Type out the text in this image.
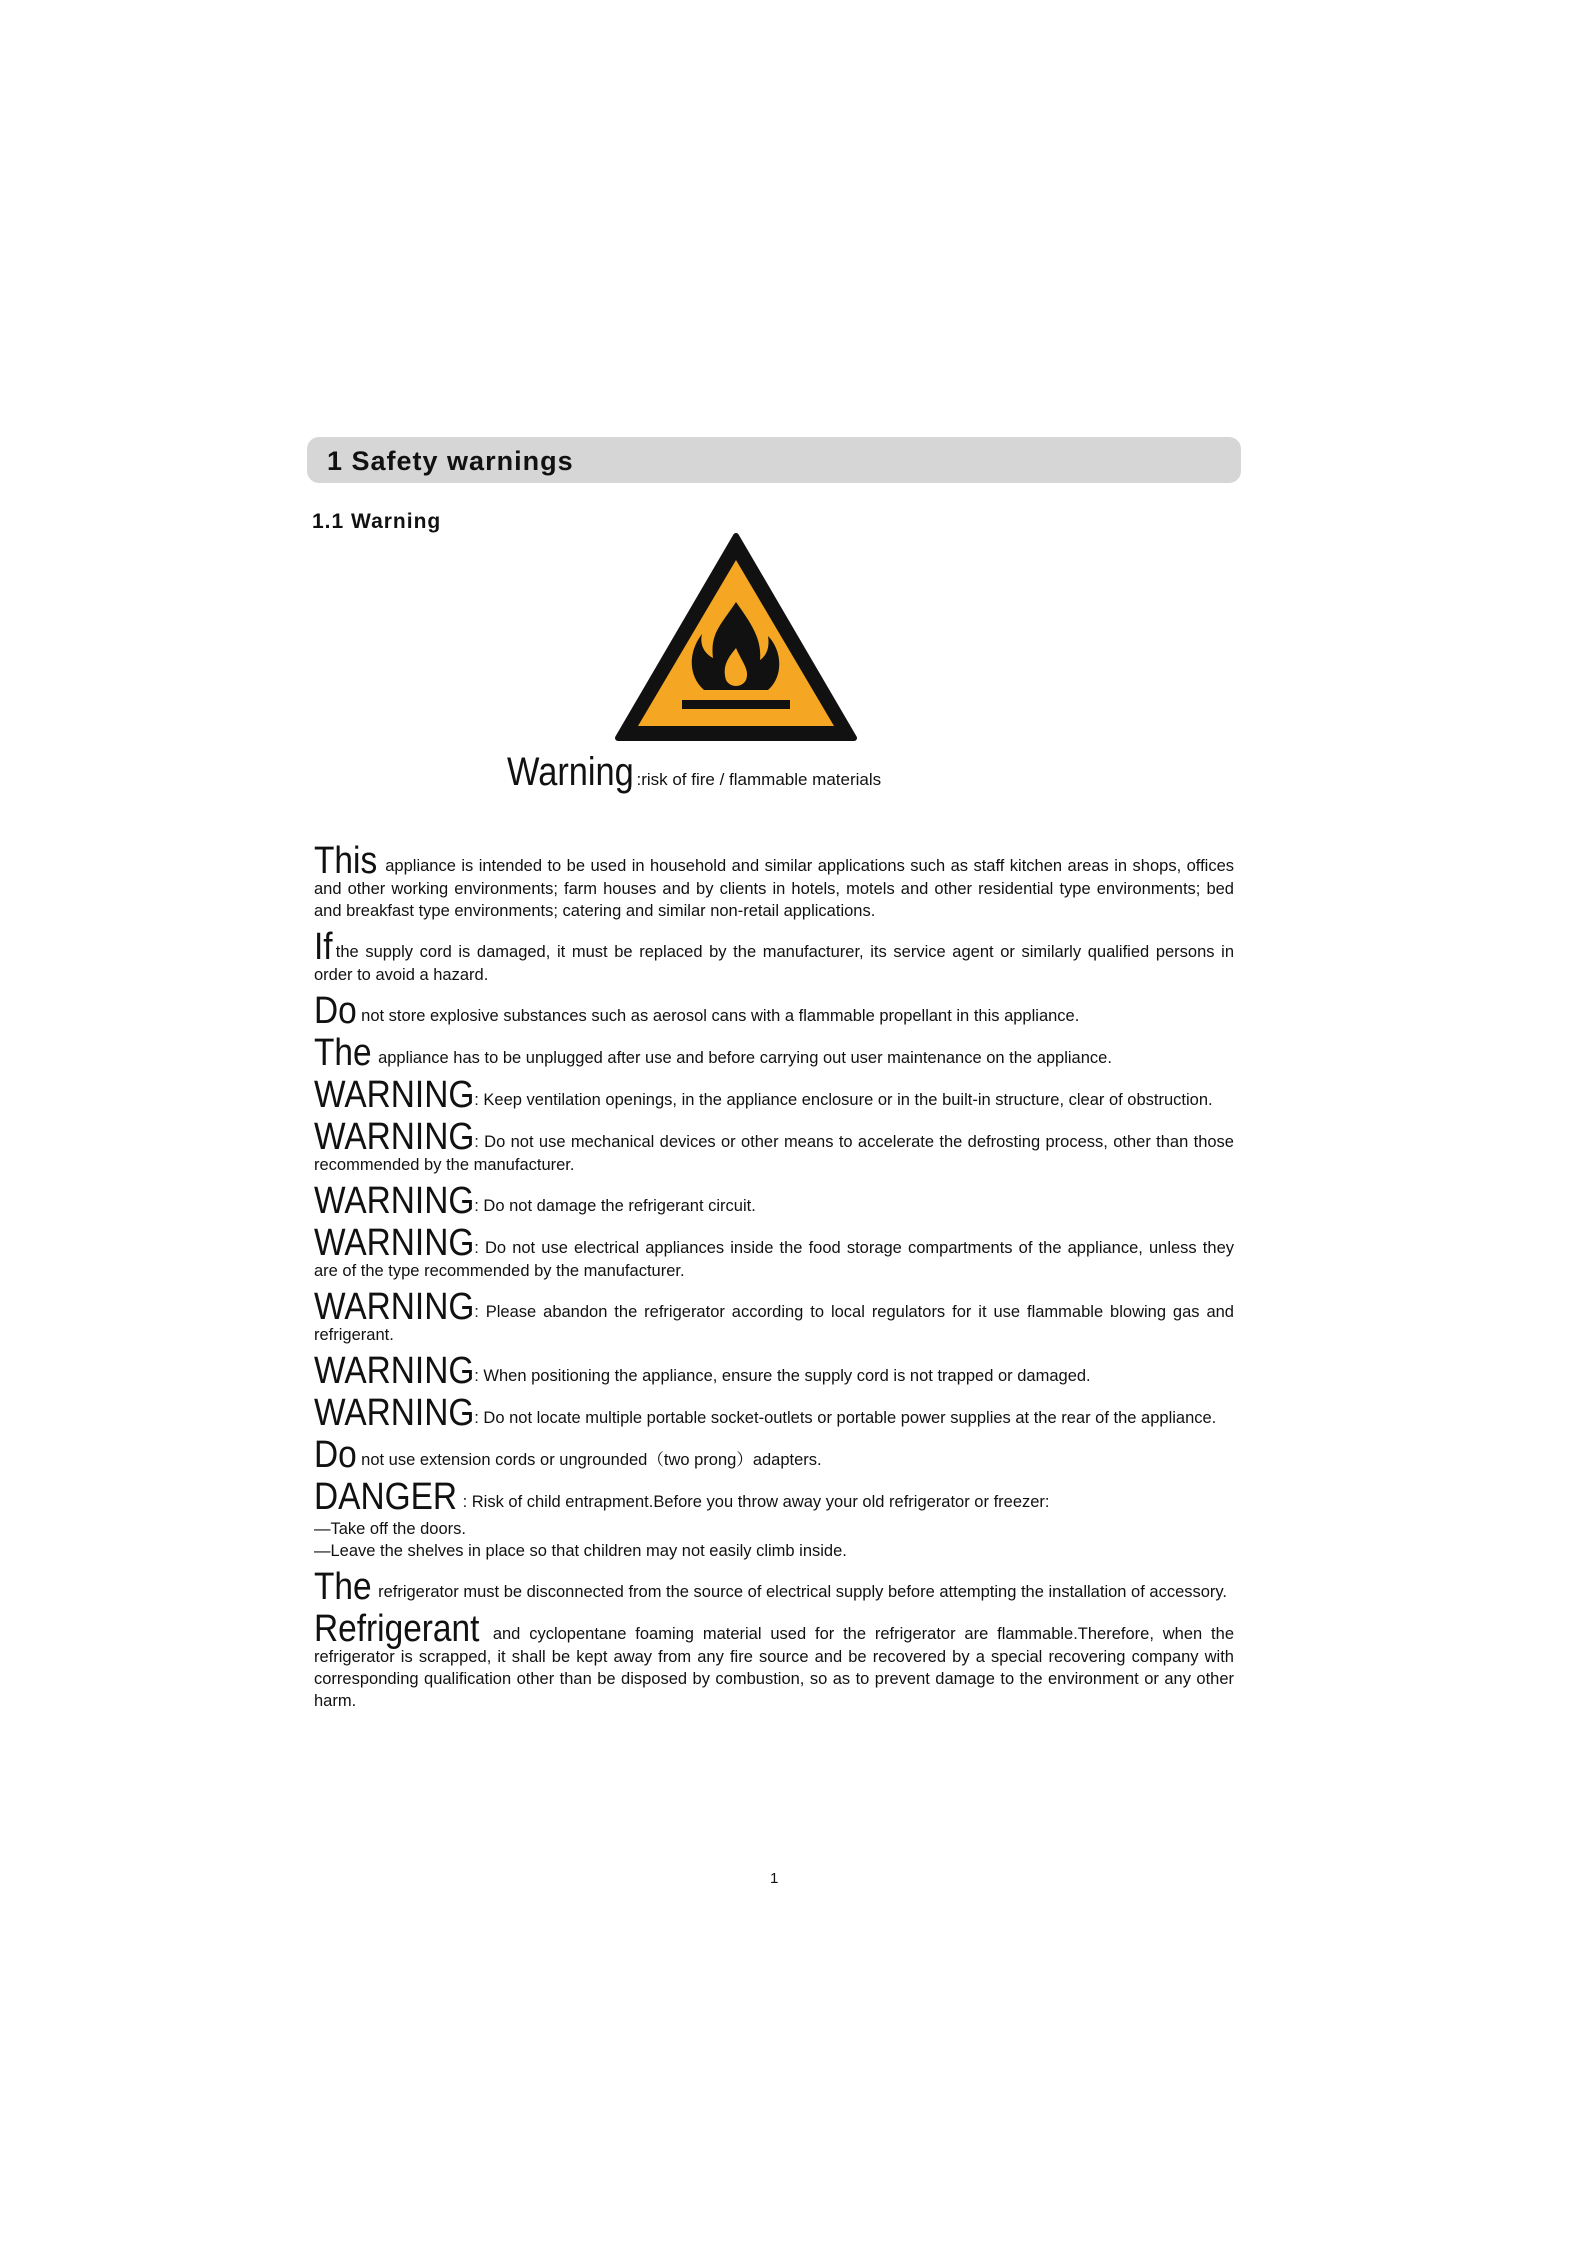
1 Safety warnings
1.1 Warning
Warning :risk of fire / flammable materials

This appliance is intended to be used in household and similar applications such as staff kitchen areas in shops, offices and other working environments; farm houses and by clients in hotels, motels and other residential type environments; bed and breakfast type environments; catering and similar non-retail applications.

If the supply cord is damaged, it must be replaced by the manufacturer, its service agent or similarly qualified persons in order to avoid a hazard.

Do not store explosive substances such as aerosol cans with a flammable propellant in this appliance.

The appliance has to be unplugged after use and before carrying out user maintenance on the appliance.

WARNING: Keep ventilation openings, in the appliance enclosure or in the built-in structure, clear of obstruction.

WARNING: Do not use mechanical devices or other means to accelerate the defrosting process, other than those recommended by the manufacturer.

WARNING: Do not damage the refrigerant circuit.

WARNING: Do not use electrical appliances inside the food storage compartments of the appliance, unless they are of the type recommended by the manufacturer.

WARNING: Please abandon the refrigerator according to local regulators for it use flammable blowing gas and refrigerant.

WARNING: When positioning the appliance, ensure the supply cord is not trapped or damaged.

WARNING: Do not locate multiple portable socket-outlets or portable power supplies at the rear of the appliance.

Do not use extension cords or ungrounded（two prong）adapters.

DANGER : Risk of child entrapment.Before you throw away your old refrigerator or freezer:

—Take off the doors.
—Leave the shelves in place so that children may not easily climb inside.

The refrigerator must be disconnected from the source of electrical supply before attempting the installation of accessory.

Refrigerant and cyclopentane foaming material used for the refrigerator are flammable.Therefore, when the refrigerator is scrapped, it shall be kept away from any fire source and be recovered by a special recovering company with corresponding qualification other than be disposed by combustion, so as to prevent damage to the environment or any other harm.

1
